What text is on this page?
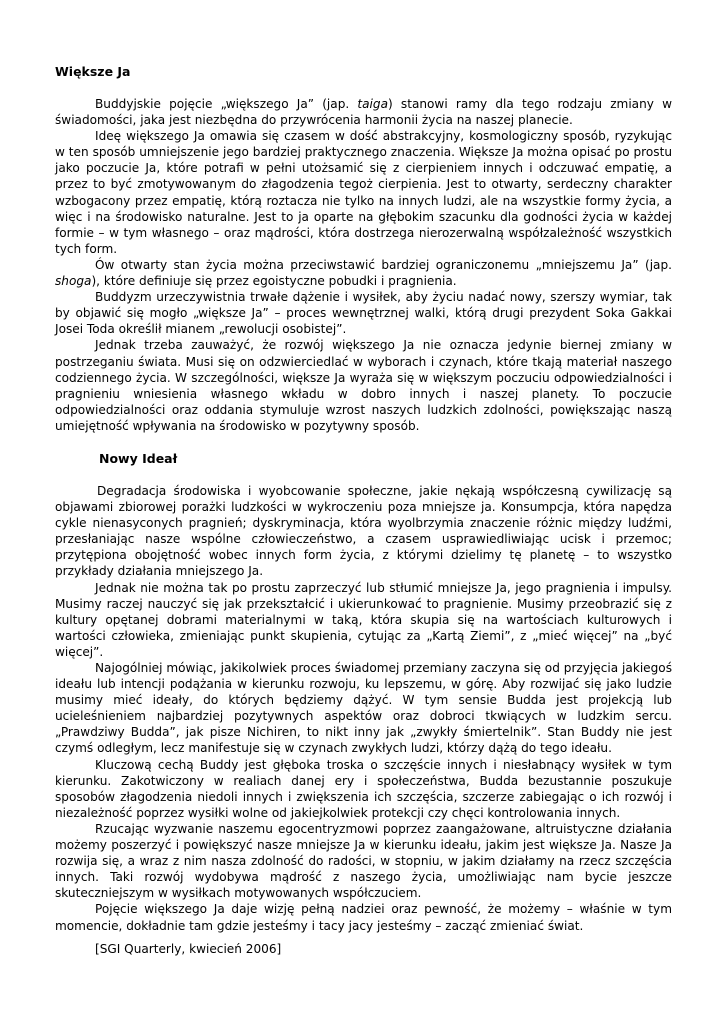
Większe Ja

Buddyjskie pojęcie „większego Ja” (jap. taiga) stanowi ramy dla tego rodzaju zmiany w świadomości, jaka jest niezbędna do przywrócenia harmonii życia na naszej planecie.

Ideę większego Ja omawia się czasem w dość abstrakcyjny, kosmologiczny sposób, ryzykując w ten sposób umniejszenie jego bardziej praktycznego znaczenia. Większe Ja można opisać po prostu jako poczucie Ja, które potrafi w pełni utożsamić się z cierpieniem innych i odczuwać empatię, a przez to być zmotywowanym do złagodzenia tegoż cierpienia. Jest to otwarty, serdeczny charakter wzbogacony przez empatię, którą roztacza nie tylko na innych ludzi, ale na wszystkie formy życia, a więc i na środowisko naturalne. Jest to ja oparte na głębokim szacunku dla godności życia w każdej formie – w tym własnego – oraz mądrości, która dostrzega nierozerwalną współzależność wszystkich tych form.

Ów otwarty stan życia można przeciwstawić bardziej ograniczonemu „mniejszemu Ja” (jap. shoga), które definiuje się przez egoistyczne pobudki i pragnienia.

Buddyzm urzeczywistnia trwałe dążenie i wysiłek, aby życiu nadać nowy, szerszy wymiar, tak by objawić się mogło „większe Ja” – proces wewnętrznej walki, którą drugi prezydent Soka Gakkai Josei Toda określił mianem „rewolucji osobistej”.

Jednak trzeba zauważyć, że rozwój większego Ja nie oznacza jedynie biernej zmiany w postrzeganiu świata. Musi się on odzwierciedlać w wyborach i czynach, które tkają materiał naszego codziennego życia. W szczególności, większe Ja wyraża się w większym poczuciu odpowiedzialności i pragnieniu wniesienia własnego wkładu w dobro innych i naszej planety. To poczucie odpowiedzialności oraz oddania stymuluje wzrost naszych ludzkich zdolności, powiększając naszą umiejętność wpływania na środowisko w pozytywny sposób.

Nowy Ideał

Degradacja środowiska i wyobcowanie społeczne, jakie nękają współczesną cywilizację są objawami zbiorowej porażki ludzkości w wykroczeniu poza mniejsze ja. Konsumpcja, która napędza cykle nienasyconych pragnień; dyskryminacja, która wyolbrzymia znaczenie różnic między ludźmi, przesłaniając nasze wspólne człowieczeństwo, a czasem usprawiedliwiając ucisk i przemoc; przytępiona obojętność wobec innych form życia, z którymi dzielimy tę planetę – to wszystko przykłady działania mniejszego Ja.

Jednak nie można tak po prostu zaprzeczyć lub stłumić mniejsze Ja, jego pragnienia i impulsy. Musimy raczej nauczyć się jak przekształcić i ukierunkować to pragnienie. Musimy przeobrazić się z kultury opętanej dobrami materialnymi w taką, która skupia się na wartościach kulturowych i wartości człowieka, zmieniając punkt skupienia, cytując za „Kartą Ziemi”, z „mieć więcej” na „być więcej”.

Najogólniej mówiąc, jakikolwiek proces świadomej przemiany zaczyna się od przyjęcia jakiegoś ideału lub intencji podążania w kierunku rozwoju, ku lepszemu, w górę. Aby rozwijać się jako ludzie musimy mieć ideały, do których będziemy dążyć. W tym sensie Budda jest projekcją lub ucieleśnieniem najbardziej pozytywnych aspektów oraz dobroci tkwiących w ludzkim sercu. „Prawdziwy Budda”, jak pisze Nichiren, to nikt inny jak „zwykły śmiertelnik”. Stan Buddy nie jest czymś odległym, lecz manifestuje się w czynach zwykłych ludzi, którzy dążą do tego ideału.

Kluczową cechą Buddy jest głęboka troska o szczęście innych i niesłabnący wysiłek w tym kierunku. Zakotwiczony w realiach danej ery i społeczeństwa, Budda bezustannie poszukuje sposobów złagodzenia niedoli innych i zwiększenia ich szczęścia, szczerze zabiegając o ich rozwój i niezależność poprzez wysiłki wolne od jakiejkolwiek protekcji czy chęci kontrolowania innych.

Rzucając wyzwanie naszemu egocentryzmowi poprzez zaangażowane, altruistyczne działania możemy poszerzyć i powiększyć nasze mniejsze Ja w kierunku ideału, jakim jest większe Ja. Nasze Ja rozwija się, a wraz z nim nasza zdolność do radości, w stopniu, w jakim działamy na rzecz szczęścia innych. Taki rozwój wydobywa mądrość z naszego życia, umożliwiając nam bycie jeszcze skuteczniejszym w wysiłkach motywowanych współczuciem.

Pojęcie większego Ja daje wizję pełną nadziei oraz pewność, że możemy – właśnie w tym momencie, dokładnie tam gdzie jesteśmy i tacy jacy jesteśmy – zacząć zmieniać świat.

[SGI Quarterly, kwiecień 2006]
